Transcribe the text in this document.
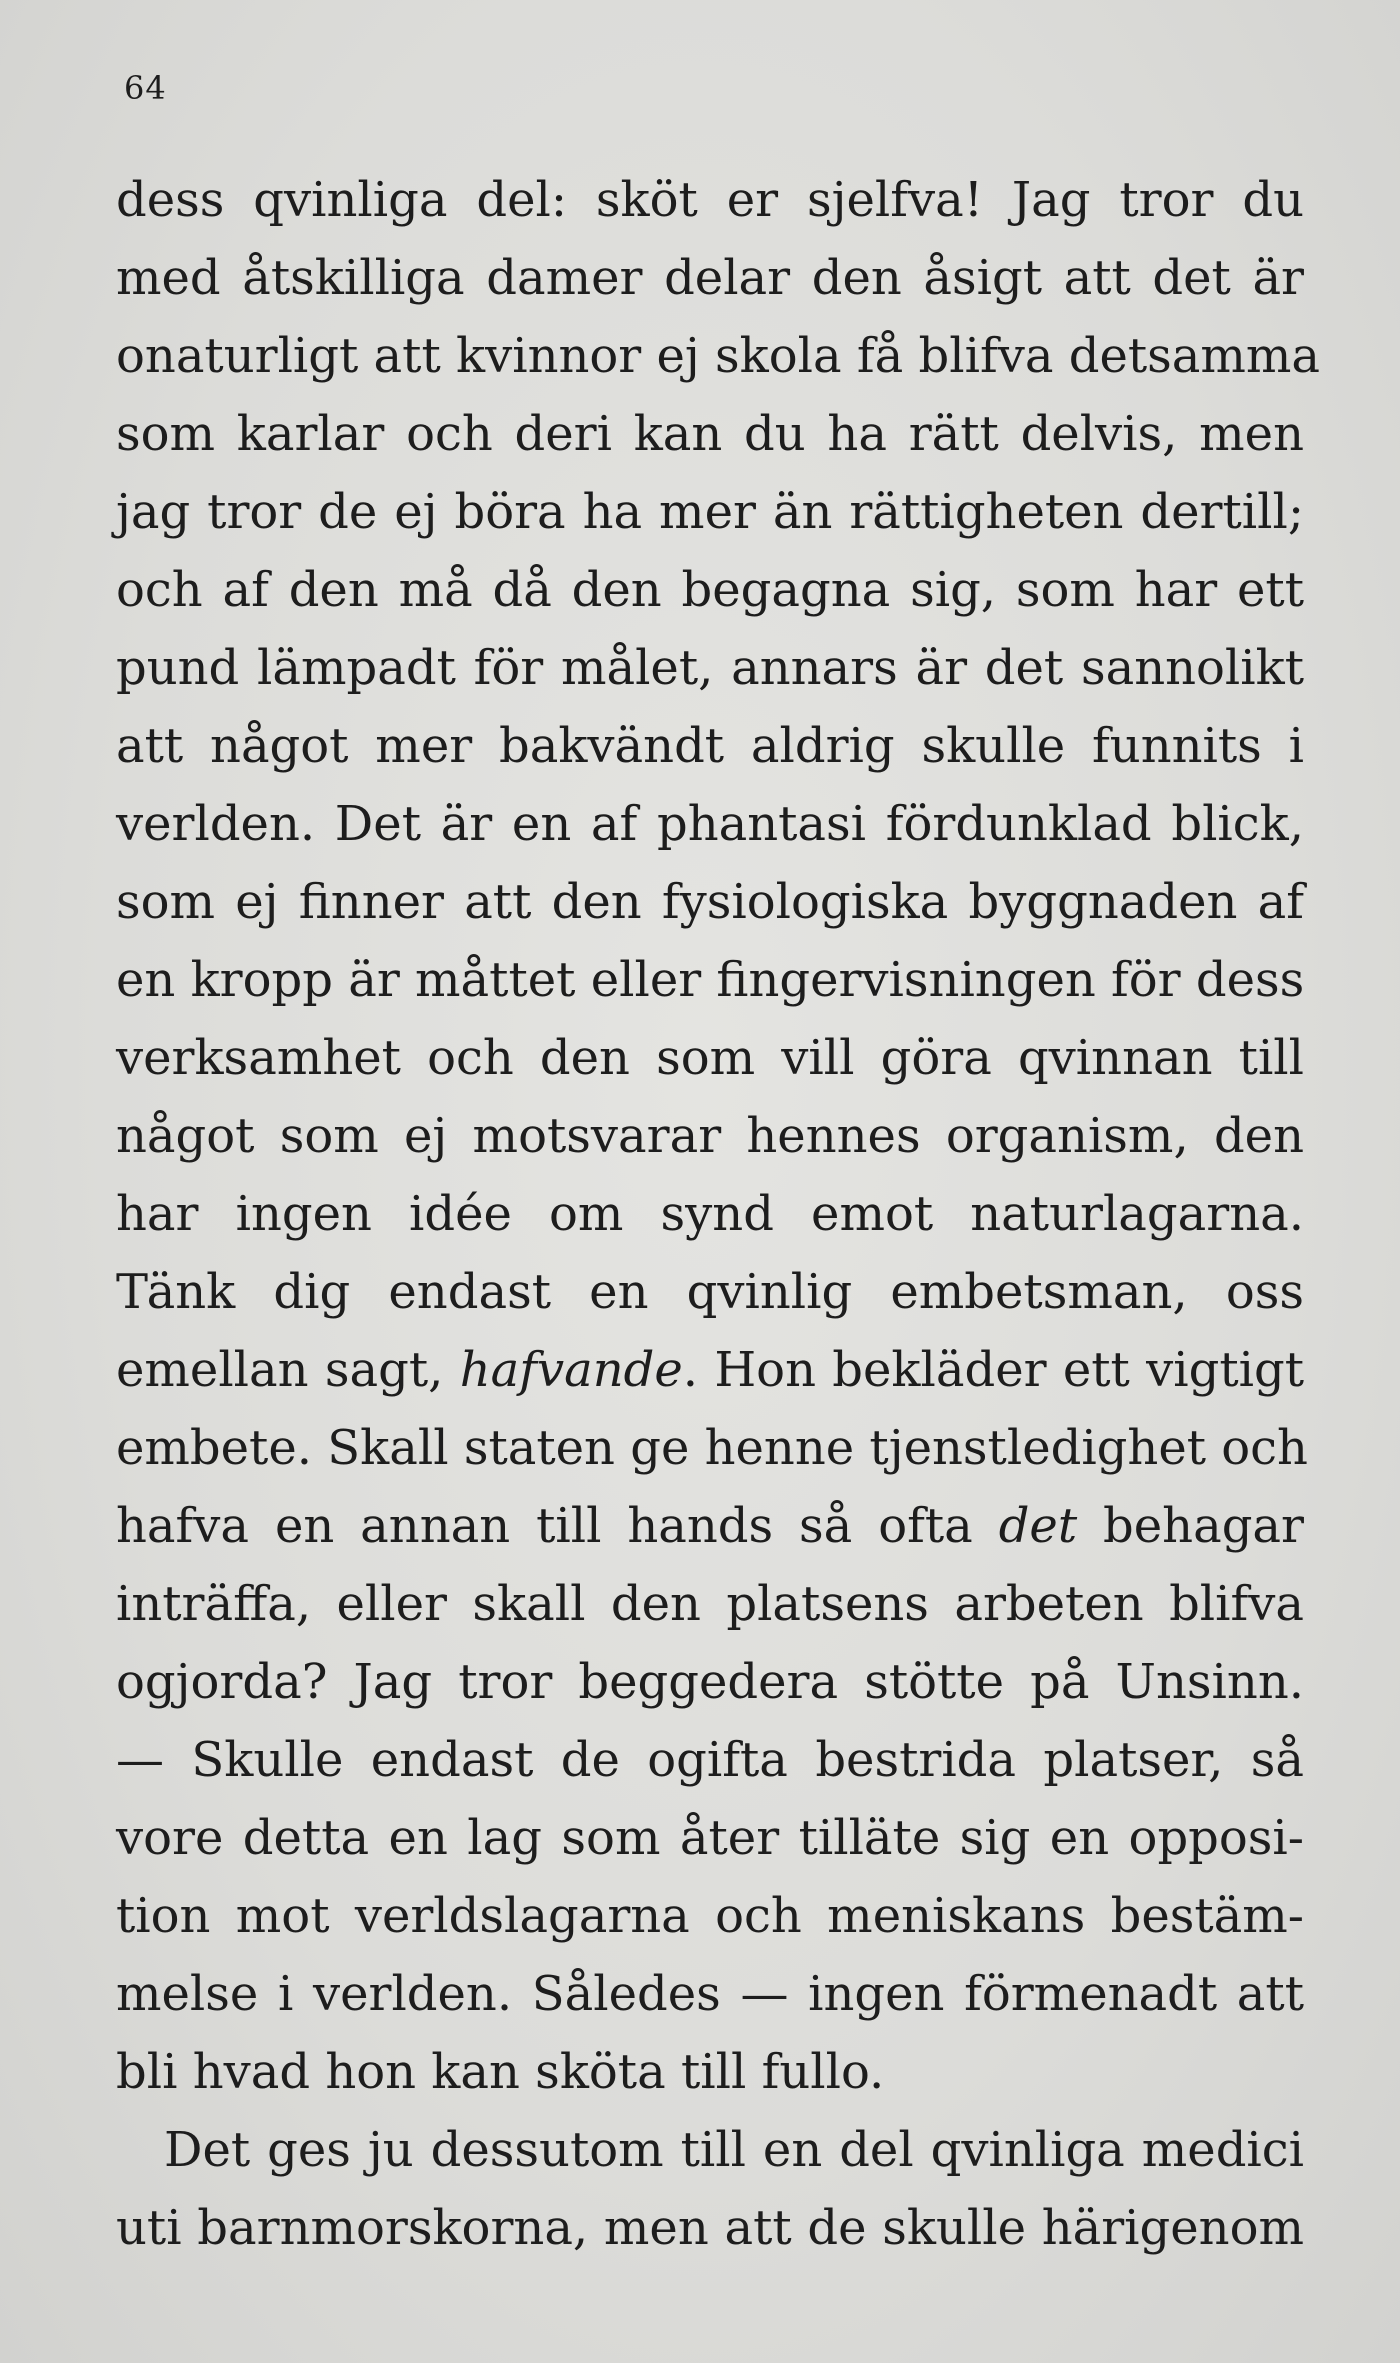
64
dess qvinliga del: sköt er sjelfva! Jag tror du
med åtskilliga damer delar den åsigt att det är
onaturligt att kvinnor ej skola få blifva detsamma
som karlar och deri kan du ha rätt delvis, men
jag tror de ej böra ha mer än rättigheten dertill;
och af den må då den begagna sig, som har ett
pund lämpadt för målet, annars är det sannolikt
att något mer bakvändt aldrig skulle funnits i
verlden. Det är en af phantasi fördunklad blick,
som ej finner att den fysiologiska byggnaden af
en kropp är måttet eller fingervisningen för dess
verksamhet och den som vill göra qvinnan till
något som ej motsvarar hennes organism, den
har ingen idée om synd emot naturlagarna.
Tänk dig endast en qvinlig embetsman, oss
emellan sagt, hafvande. Hon bekläder ett vigtigt
embete. Skall staten ge henne tjenstledighet och
hafva en annan till hands så ofta det behagar
inträffa, eller skall den platsens arbeten blifva
ogjorda? Jag tror beggedera stötte på Unsinn.
— Skulle endast de ogifta bestrida platser, så
vore detta en lag som åter tilläte sig en opposi-
tion mot verldslagarna och meniskans bestäm-
melse i verlden. Således — ingen förmenadt att
bli hvad hon kan sköta till fullo.
Det ges ju dessutom till en del qvinliga medici
uti barnmorskorna, men att de skulle härigenom
